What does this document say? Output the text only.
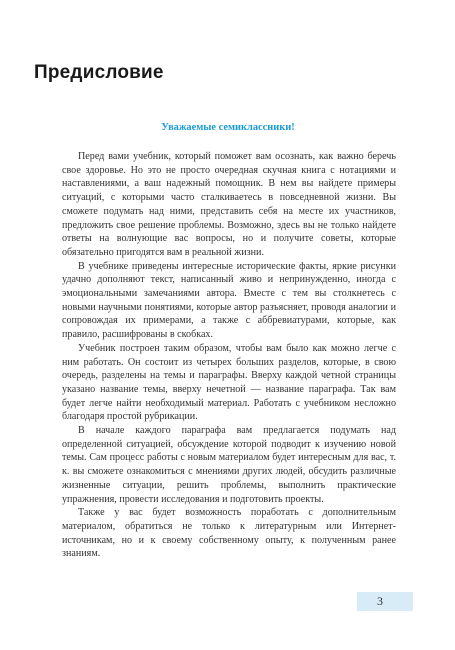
Предисловие
Уважаемые семиклассники!

Перед вами учебник, который поможет вам осознать, как важно беречь свое здоровье. Но это не просто очередная скучная книга с нотациями и наставлениями, а ваш надежный помощник. В нем вы найдете примеры ситуаций, с которыми часто сталкиваетесь в повседневной жизни. Вы сможете подумать над ними, представить себя на месте их участников, предложить свое решение проблемы. Возможно, здесь вы не только найдете ответы на волнующие вас вопросы, но и получите советы, которые обязательно пригодятся вам в реальной жизни.

В учебнике приведены интересные исторические факты, яркие рисунки удачно дополняют текст, написанный живо и непринужденно, иногда с эмоциональными замечаниями автора. Вместе с тем вы столкнетесь с новыми научными понятиями, которые автор разъясняет, проводя аналогии и сопровождая их примерами, а также с аббревиатурами, которые, как правило, расшифрованы в скобках.

Учебник построен таким образом, чтобы вам было как можно легче с ним работать. Он состоит из четырех больших разделов, которые, в свою очередь, разделены на темы и параграфы. Вверху каждой четной страницы указано название темы, вверху нечетной — название параграфа. Так вам будет легче найти необходимый материал. Работать с учебником несложно благодаря простой рубрикации.

В начале каждого параграфа вам предлагается подумать над определенной ситуацией, обсуждение которой подводит к изучению новой темы. Сам процесс работы с новым материалом будет интересным для вас, т. к. вы сможете ознакомиться с мнениями других людей, обсудить различные жизненные ситуации, решить проблемы, выполнить практические упражнения, провести исследования и подготовить проекты.

Также у вас будет возможность поработать с дополнительным материалом, обратиться не только к литературным или Интернет-источникам, но и к своему собственному опыту, к полученным ранее знаниям.

3
